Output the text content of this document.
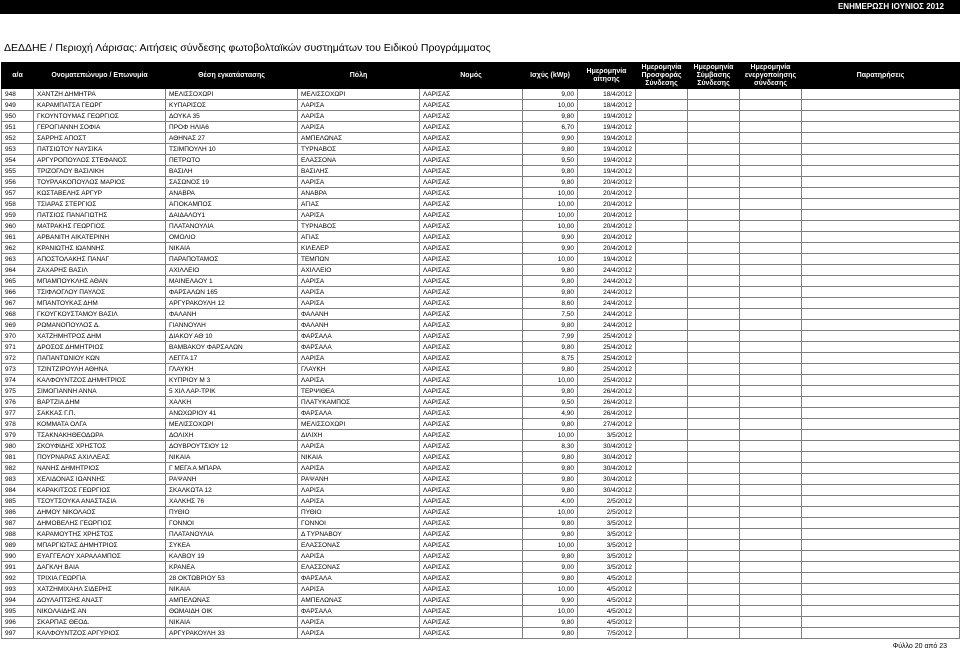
ΕΝΗΜΕΡΩΣΗ ΙΟΥΝΙΟΣ 2012
ΔΕΔΔΗΕ / Περιοχή Λάρισας: Αιτήσεις σύνδεσης φωτοβολταϊκών συστημάτων του Ειδικού Προγράμματος
α/α	Ονοματεπώνυμο / Επωνυμία	Θέση εγκατάστασης	Πόλη	Νομός	Ισχύς (kWp)	Ημερομηνία αίτησης	Ημερομηνία Προσφοράς Σύνδεσης	Ημερομηνία Σύμβασης Σύνδεσης	Ημερομηνία ενεργοποίησης σύνδεσης	Παρατηρήσεις
948	ΧΑΝΤΖΗ ΔΗΜΗΤΡΑ	ΜΕΛΙΣΣΟΧΩΡΙ	ΜΕΛΙΣΣΟΧΩΡΙ	ΛΑΡΙΣΑΣ	9,00	18/4/2012				
949	ΚΑΡΑΜΠΑΤΣΑ ΓΕΩΡΓ	ΚΥΠΑΡΙΣΟΣ	ΛΑΡΙΣΑ	ΛΑΡΙΣΑΣ	10,00	18/4/2012				
950	ΓΚΟΥΝΤΟΥΜΑΣ ΓΕΩΡΓΙΟΣ	ΔΟΥΚΑ 35	ΛΑΡΙΣΑ	ΛΑΡΙΣΑΣ	9,80	19/4/2012				
951	ΓΕΡΟΓΙΑΝΝΗ ΣΟΦΙΑ	ΠΡΟΦ ΗΛΙΑ6	ΛΑΡΙΣΑ	ΛΑΡΙΣΑΣ	6,70	19/4/2012				
952	ΣΑΡΡΗΣ ΑΠΟΣΤ	ΑΘΗΝΑΣ 27	ΑΜΠΕΛΩΝΑΣ	ΛΑΡΙΣΑΣ	9,90	19/4/2012				
953	ΠΑΤΣΙΩΤΟΥ ΝΑΥΣΙΚΑ	ΤΣΙΜΠΟΥΛΗ 10	ΤΥΡΝΑΒΟΣ	ΛΑΡΙΣΑΣ	9,80	19/4/2012				
954	ΑΡΓΥΡΟΠΟΥΛΟΣ ΣΤΕΦΑΝΟΣ	ΠΕΤΡΩΤΟ	ΕΛΑΣΣΟΝΑ	ΛΑΡΙΣΑΣ	9,50	19/4/2012				
955	ΤΡΙΖΟΓΛΟΥ ΒΑΣΙΛΙΚΗ	ΒΑΣΙΛΗ	ΒΑΣΙΛΗΣ	ΛΑΡΙΣΑΣ	9,80	19/4/2012				
956	ΤΟΥΡΛΑΚΟΠΟΥΛΟΣ ΜΑΡΙΟΣ	ΣΑΣΩΝΟΣ 19	ΛΑΡΙΣΑ	ΛΑΡΙΣΑΣ	9,80	20/4/2012				
957	ΚΩΣΤΑΒΕΛΗΣ ΑΡΓΥΡ	ΑΝΑΒΡΑ	ΑΝΑΒΡΑ	ΛΑΡΙΣΑΣ	10,00	20/4/2012				
958	ΤΣΙΑΡΑΣ ΣΤΕΡΓΙΟΣ	ΑΓΙΟΚΑΜΠΟΣ	ΑΓΙΑΣ	ΛΑΡΙΣΑΣ	10,00	20/4/2012				
959	ΠΑΤΣΙΟΣ ΠΑΝΑΓΙΩΤΗΣ	ΔΑΙΔΑΛΟΥ1	ΛΑΡΙΣΑ	ΛΑΡΙΣΑΣ	10,00	20/4/2012				
960	ΜΑΤΡΑΚΗΣ ΓΕΩΡΓΙΟΣ	ΠΛΑΤΑΝΟΥΛΙΑ	ΤΥΡΝΑΒΟΣ	ΛΑΡΙΣΑΣ	10,00	20/4/2012				
961	ΑΡΒΑΝΙΤΗ ΑΙΚΑΤΕΡΙΝΗ	ΟΜΟΛΙΟ	ΑΓΙΑΣ	ΛΑΡΙΣΑΣ	9,90	20/4/2012				
962	ΚΡΑΝΙΩΤΗΣ ΙΩΑΝΝΗΣ	ΝΙΚΑΙΑ	ΚΙΛΕΛΕΡ	ΛΑΡΙΣΑΣ	9,90	20/4/2012				
963	ΑΠΟΣΤΟΛΑΚΗΣ ΠΑΝΑΓ	ΠΑΡΑΠΟΤΑΜΟΣ	ΤΕΜΠΩΝ	ΛΑΡΙΣΑΣ	10,00	19/4/2012				
964	ΖΑΧΑΡΗΣ ΒΑΣΙΛ	ΑΧΙΛΛΕΙΟ	ΑΧΙΛΛΕΙΟ	ΛΑΡΙΣΑΣ	9,80	24/4/2012				
965	ΜΠΑΜΠΟΥΚΛΗΣ ΑΘΑΝ	ΜΑΙΝΕΛΑΟΥ 1	ΛΑΡΙΣΑ	ΛΑΡΙΣΑΣ	9,80	24/4/2012				
966	ΤΣΙΦΛΟΓΛΟΥ ΠΑΥΛΟΣ	ΦΑΡΣΑΛΩΝ 165	ΛΑΡΙΣΑ	ΛΑΡΙΣΑΣ	9,80	24/4/2012				
967	ΜΠΑΝΤΟΥΚΑΣ ΔΗΜ	ΑΡΓΥΡΑΚΟΥΛΗ 12	ΛΑΡΙΣΑ	ΛΑΡΙΣΑΣ	8,60	24/4/2012				
968	ΓΚΟΥΓΚΟΥΣΤΑΜΟΥ ΒΑΣΙΛ	ΦΑΛΑΝΗ	ΦΑΛΑΝΗ	ΛΑΡΙΣΑΣ	7,50	24/4/2012				
969	ΡΩΜΑΝΟΠΟΥΛΟΣ Δ.	ΓΙΑΝΝΟΥΛΗ	ΦΑΛΑΝΗ	ΛΑΡΙΣΑΣ	9,80	24/4/2012				
970	ΧΑΤΖΗΜΗΤΡΟΣ ΔΗΜ	ΔΙΑΚΟΥ ΑΘ 10	ΦΑΡΣΑΛΑ	ΛΑΡΙΣΑΣ	7,99	25/4/2012				
971	ΔΡΟΣΟΣ ΔΗΜΗΤΡΙΟΣ	ΒΑΜΒΑΚΟΥ ΦΑΡΣΑΛΩΝ	ΦΑΡΣΑΛΑ	ΛΑΡΙΣΑΣ	9,80	25/4/2012				
972	ΠΑΠΑΝΤΩΝΙΟΥ ΚΩΝ	ΛΕΓΓΑ 17	ΛΑΡΙΣΑ	ΛΑΡΙΣΑΣ	8,75	25/4/2012				
973	ΤΖΙΝΤΖΙΡΟΥΛΗ ΑΘΗΝΑ	ΓΛΑΥΚΗ	ΓΛΑΥΚΗ	ΛΑΡΙΣΑΣ	9,80	25/4/2012				
974	ΚΑΛΦΟΥΝΤΖΟΣ ΔΗΜΗΤΡΙΟΣ	ΚΥΠΡΙΟΥ Μ 3	ΛΑΡΙΣΑ	ΛΑΡΙΣΑΣ	10,00	25/4/2012				
975	ΣΙΜΟΓΙΑΝΝΗ ΑΝΝΑ	5 ΧΙΛ ΛΑΡ-ΤΡΙΚ	ΤΕΡΨΙΘΕΑ	ΛΑΡΙΣΑΣ	9,80	26/4/2012				
976	ΒΑΡΤΖΙΑ ΔΗΜ	ΧΑΛΚΗ	ΠΛΑΤΥΚΑΜΠΟΣ	ΛΑΡΙΣΑΣ	9,50	26/4/2012				
977	ΣΑΚΚΑΣ Γ.Π.	ΑΝΩΧΩΡΙΟΥ 41	ΦΑΡΣΑΛΑ	ΛΑΡΙΣΑΣ	4,90	26/4/2012				
978	ΚΟΜΜΑΤΑ ΟΛΓΑ	ΜΕΛΙΣΣΟΧΩΡΙ	ΜΕΛΙΣΣΟΧΩΡΙ	ΛΑΡΙΣΑΣ	9,80	27/4/2012				
979	ΤΣΑΚΝΑΚΗΘΕΟΔΩΡΑ	ΔΟΛΙΧΗ	ΔΙΛΙΧΗ	ΛΑΡΙΣΑΣ	10,00	3/5/2012				
980	ΣΚΟΥΦΙΔΗΣ ΧΡΗΣΤΟΣ	ΔΟΥΒΡΟΥΤΣΙΟΥ 12	ΛΑΡΙΣΑ	ΛΑΡΙΣΑΣ	8,30	30/4/2012				
981	ΠΟΥΡΝΑΡΑΣ ΑΧΙΛΛΕΑΣ	ΝΙΚΑΙΑ	ΝΙΚΑΙΑ	ΛΑΡΙΣΑΣ	9,80	30/4/2012				
982	ΝΑΝΗΣ ΔΗΜΗΤΡΙΟΣ	Γ ΜΕΓΑ Α ΜΠΑΡΑ	ΛΑΡΙΣΑ	ΛΑΡΙΣΑΣ	9,80	30/4/2012				
983	ΧΕΛΙΔΟΝΑΣ ΙΩΑΝΝΗΣ	ΡΑΨΑΝΗ	ΡΑΨΑΝΗ	ΛΑΡΙΣΑΣ	9,80	30/4/2012				
984	ΚΑΡΑΚΙΤΣΟΣ ΓΕΩΡΓΙΟΣ	ΣΚΑΛΚΩΤΑ 12	ΛΑΡΙΣΑ	ΛΑΡΙΣΑΣ	9,80	30/4/2012				
985	ΤΣΟΥΤΣΟΥΚΑ ΑΝΑΣΤΑΣΙΑ	ΧΑΛΚΗΣ 76	ΛΑΡΙΣΑ	ΛΑΡΙΣΑΣ	4,00	2/5/2012				
986	ΔΗΜΟΥ ΝΙΚΟΛΑΟΣ	ΠΥΘΙΟ	ΠΥΘΙΟ	ΛΑΡΙΣΑΣ	10,00	2/5/2012				
987	ΔΗΜΟΒΕΛΗΣ ΓΕΩΡΓΙΟΣ	ΓΟΝΝΟΙ	ΓΟΝΝΟΙ	ΛΑΡΙΣΑΣ	9,80	3/5/2012				
988	ΚΑΡΑΜΟΥΤΗΣ ΧΡΗΣΤΟΣ	ΠΛΑΤΑΝΟΥΛΙΑ	Δ ΤΥΡΝΑΒΟΥ	ΛΑΡΙΣΑΣ	9,80	3/5/2012				
989	ΜΠΑΡΓΙΩΤΑΣ ΔΗΜΗΤΡΙΟΣ	ΣΥΚΕΑ	ΕΛΑΣΣΟΝΑΣ	ΛΑΡΙΣΑΣ	10,00	3/5/2012				
990	ΕΥΑΓΓΕΛΟΥ ΧΑΡΑΛΑΜΠΟΣ	ΚΑΛΒΟΥ 19	ΛΑΡΙΣΑ	ΛΑΡΙΣΑΣ	9,80	3/5/2012				
991	ΔΑΓΚΛΗ ΒΑΙΑ	ΚΡΑΝΕΑ	ΕΛΑΣΣΟΝΑΣ	ΛΑΡΙΣΑΣ	9,00	3/5/2012				
992	ΤΡΙΧΙΑ ΓΕΩΡΓΙΑ	28 ΟΚΤΩΒΡΙΟΥ 53	ΦΑΡΣΑΛΑ	ΛΑΡΙΣΑΣ	9,80	4/5/2012				
993	ΧΑΤΖΗΜΙΧΑΗΛ ΣΙΔΕΡΗΣ	ΝΙΚΑΙΑ	ΛΑΡΙΣΑ	ΛΑΡΙΣΑΣ	10,00	4/5/2012				
994	ΔΟΥΛΑΠΤΣΗΣ ΑΝΑΣΤ	ΑΜΠΕΛΩΝΑΣ	ΑΜΠΕΛΩΝΑΣ	ΛΑΡΙΣΑΣ	9,90	4/5/2012				
995	ΝΙΚΟΛΑΙΔΗΣ ΑΝ	ΘΩΜΑΙΔΗ ΟΙΚ	ΦΑΡΣΑΛΑ	ΛΑΡΙΣΑΣ	10,00	4/5/2012				
996	ΣΚΑΡΠΑΣ ΘΕΟΔ.	ΝΙΚΑΙΑ	ΛΑΡΙΣΑ	ΛΑΡΙΣΑΣ	9,80	4/5/2012				
997	ΚΑΛΦΟΥΝΤΖΟΣ ΑΡΓΥΡΙΟΣ	ΑΡΓΥΡΑΚΟΥΛΗ 33	ΛΑΡΙΣΑ	ΛΑΡΙΣΑΣ	9,80	7/5/2012				
Φύλλο 20 από 23
